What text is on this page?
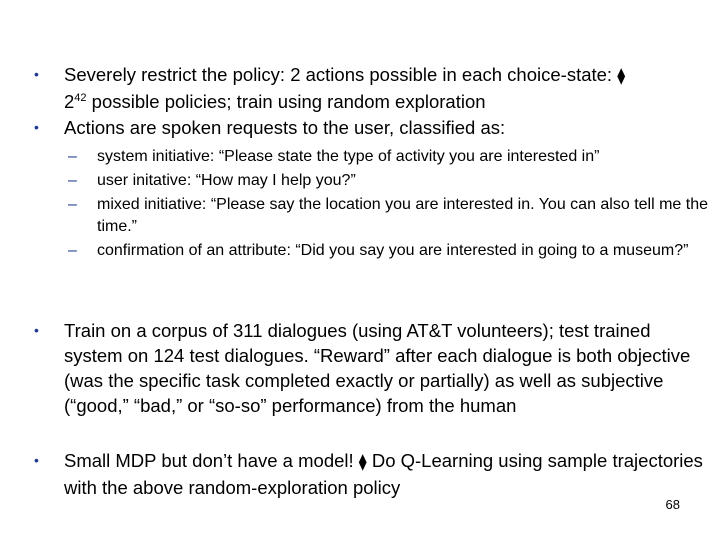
• Severely restrict the policy: 2 actions possible in each choice-state: ⧫
$2^{42}$ possible policies; train using random exploration
• Actions are spoken requests to the user, classified as:
– system initiative: “Please state the type of activity you are interested in”
– user initative: “How may I help you?”
– mixed initiative: “Please say the location you are interested in. You can also tell me the time.”
– confirmation of an attribute: “Did you say you are interested in going to a museum?”
• Train on a corpus of 311 dialogues (using AT&T volunteers); test trained system on 124 test dialogues. “Reward” after each dialogue is both objective (was the specific task completed exactly or partially) as well as subjective (“good,” “bad,” or “so-so” performance) from the human
• Small MDP but don’t have a model! ⧫ Do Q-Learning using sample trajectories with the above random-exploration policy
68
